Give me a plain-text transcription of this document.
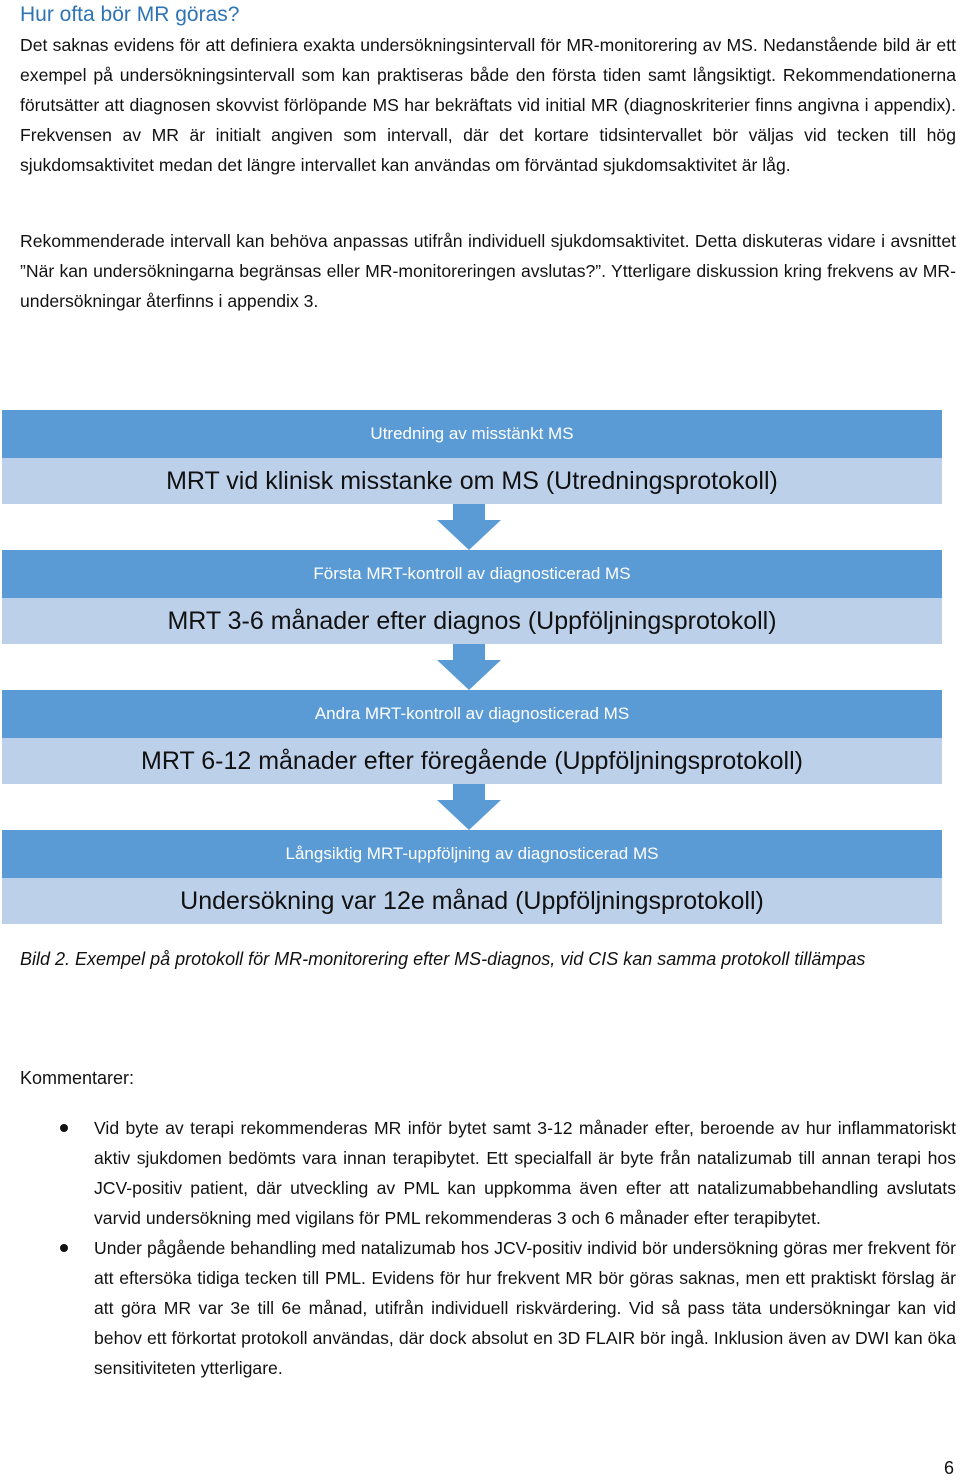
Hur ofta bör MR göras?

Det saknas evidens för att definiera exakta undersökningsintervall för MR-monitorering av MS. Nedanstående bild är ett exempel på undersökningsintervall som kan praktiseras både den första tiden samt långsiktigt. Rekommendationerna förutsätter att diagnosen skovvist förlöpande MS har bekräftats vid initial MR (diagnoskriterier finns angivna i appendix). Frekvensen av MR är initialt angiven som intervall, där det kortare tidsintervallet bör väljas vid tecken till hög sjukdomsaktivitet medan det längre intervallet kan användas om förväntad sjukdomsaktivitet är låg.

Rekommenderade intervall kan behöva anpassas utifrån individuell sjukdomsaktivitet. Detta diskuteras vidare i avsnittet ”När kan undersökningarna begränsas eller MR-monitoreringen avslutas?”. Ytterligare diskussion kring frekvens av MR-undersökningar återfinns i appendix 3.

Utredning av misstänkt MS
MRT vid klinisk misstanke om MS (Utredningsprotokoll)
Första MRT-kontroll av diagnosticerad MS
MRT 3-6 månader efter diagnos (Uppföljningsprotokoll)
Andra MRT-kontroll av diagnosticerad MS
MRT 6-12 månader efter föregående (Uppföljningsprotokoll)
Långsiktig MRT-uppföljning av diagnosticerad MS
Undersökning var 12e månad (Uppföljningsprotokoll)

Bild 2. Exempel på protokoll för MR-monitorering efter MS-diagnos, vid CIS kan samma protokoll tillämpas

Kommentarer:

Vid byte av terapi rekommenderas MR inför bytet samt 3-12 månader efter, beroende av hur inflammatoriskt aktiv sjukdomen bedömts vara innan terapibytet. Ett specialfall är byte från natalizumab till annan terapi hos JCV-positiv patient, där utveckling av PML kan uppkomma även efter att natalizumabbehandling avslutats varvid undersökning med vigilans för PML rekommenderas 3 och 6 månader efter terapibytet.
Under pågående behandling med natalizumab hos JCV-positiv individ bör undersökning göras mer frekvent för att eftersöka tidiga tecken till PML. Evidens för hur frekvent MR bör göras saknas, men ett praktiskt förslag är att göra MR var 3e till 6e månad, utifrån individuell riskvärdering. Vid så pass täta undersökningar kan vid behov ett förkortat protokoll användas, där dock absolut en 3D FLAIR bör ingå. Inklusion även av DWI kan öka sensitiviteten ytterligare.
6
